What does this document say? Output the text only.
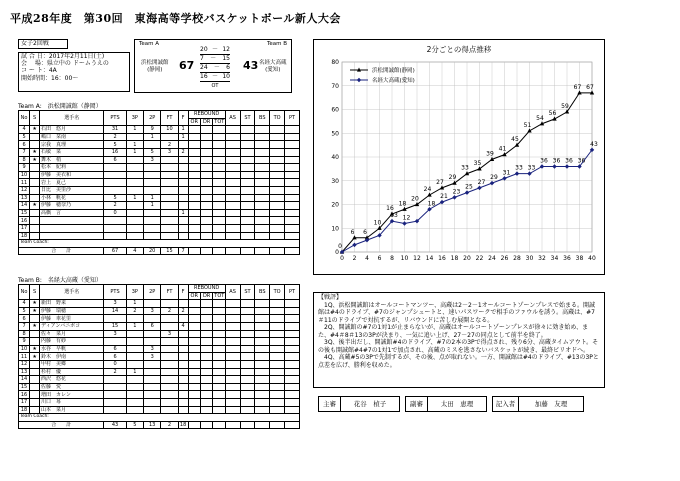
平成28年度　第30回　東海高等学校バスケットボール新人大会
女子2回戦
試 合 日：2017年2月11日(土)
会　 場：県立中の ドームうえの
コ ー ト：4A
開始時間：16：00～
Team A	Team B
浜松開誠館
(静岡)	67	43 名経大高蔵
(愛知)
20 － 12
7 － 15
24 － 6
16 － 10
OT
Team A:　浜松開誠館（静岡）
No	S	選手名	PTS	3P	2P	FT	F	REBOUND			AS	ST	BS	TO	PT
								OR	DR	TOT					
4	★	石田　悠月	31	1	9	10	1								
5		嶋口　栞南	2		1		1								
6		宗我　真理	5	1		2									
7	★	石敏　菜	16	1	5	3	2								
8	★	舞木　梢	6		3										
9		松本　紀莉													
10		伊藤　美衣和													
11		岩上　夏己													
12		日比　美里沙													
13		小林　帆花	5	1	1										
14	★	伊藤　穂奈乃	2		1										
15		高橋　言	0				1								
16															
17															
18															
Team Coach:															
合　　計			67	4	20	15	7								
Team B:　名経大高蔵（愛知）
No	S	選手名	PTS	3P	2P	FT	F	REBOUND			AS	ST	BS	TO	PT
								OR	DR	TOT					
4	★	新田　野来	3	1											
5	★	伊藤　瑞穂	14	2	3	2	2								
6		伊藤　車花里													
7	★	ディアンバニボコ	15	1	6		4								
8		佐々　菜月	3			3									
9		内藤　有紗													
10	★	水谷　早帆	6		3										
11	★	鈴木　伊南	6		3										
12		甲村　美郷	0												
13		杉村　優	2	1											
14		西沢　悠花													
15		佐藤　愛													
16		増田　カレン													
17		川口　苺													
18		山本　菜月													
Team Coach:															
合　　計			43	5	13	2	18								
2分ごとの得点推移
0
10
20
30
40
50
60
70
80
0 2 4 6 8 10 12 14 16 18 20 22 24 26 28 30 32 34 36 38 40
0
6 6
10
16
18
20
24
27
29
33
35
39
41
45
51
54
56
59
67 67
浜松開誠館(静岡)
13 12
18
21
23
25
27
29
31
33 33
36 36 36 36
43
名経大高蔵(愛知)
【戦評】

1Q、浜松開誠館はオールコートマンツー、高蔵は2－2－1オールコートゾーンプレスで始まる。開誠館は#4のドライブ、#7のジャンプシュートと、速いパスワークで相手のファウルを誘う。高蔵は、#7＃11のドライブで対抗するが、リバウンドに苦しむ展開となる。

2Q、開誠館の#7の1対1が止まらないが、高蔵はオールコートゾーンプレスが徐々に効き始め、また、#4＃8＃13の3Pが決まり、一気に追い上げ、27－27の同点として前半を終了。

3Q、後半出だし、開誠館#4のドライブ、#7の2本の3Pで得点され、残り6分、高蔵タイムアウト。その後も開誠館#4#7の1対1で加点され、高蔵のミスを逃さないバスケットが続き、最終ビリオドへ。

4Q、高蔵#5の3Pで先制するが、その後、点が取れない。一方、開誠館は#4のドライブ、#13の3Pと点差を広げ、勝利を収めた。

主審	花谷　楨子	副審	太田　恵理	記入者	加藤　友理
